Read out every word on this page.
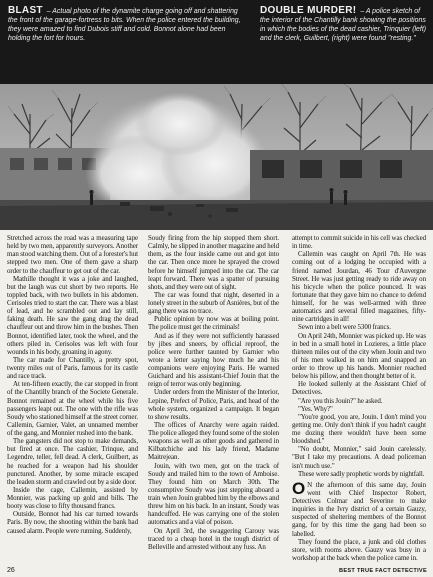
BLAST – Actual photo of the dynamite charge going off and shattering the front of the garage-fortress to bits. When the police entered the building, they were amazed to find Dubois stiff and cold. Bonnot alone had been holding the fort for hours.
DOUBLE MURDER! – A police sketch of the interior of the Chantilly bank showing the positions in which the bodies of the dead cashier, Trinquier (left) and the clerk, Guilbert, (right) were found "resting."

Stretched across the road was a measuring tape held by two men, apparently surveyors. Another man stood watching them. Out of a forester's hut stepped two men. One of them gave a sharp order to the chauffeur to get out of the car.

Mathille thought it was a joke and laughed, but the laugh was cut short by two reports. He toppled back, with two bullets in his abdomen. Cerisoles tried to start the car. There was a blast of lead, and he scrambled out and lay still, faking death. He saw the gang drag the dead chauffeur out and throw him in the bushes. Then Bonnot, identified later, took the wheel, and the others piled in. Cerisoles was left with four wounds in his body, groaning in agony.

The car made for Chantilly, a pretty spot, twenty miles out of Paris, famous for its castle and race track.

At ten-fifteen exactly, the car stopped in front of the Chantilly branch of the Societe Generale. Bonnot remained at the wheel while his five passengers leapt out. The one with the rifle was Soudy who stationed himself at the street corner. Callemin, Garnier, Valet, an unnamed member of the gang, and Monnier rushed into the bank.

The gangsters did not stop to make demands, but fired at once. The cashier, Trinque, and Legendre, teller, fell dead. A clerk, Guilbert, as he reached for a weapon had his shoulder punctured. Another, by some miracle escaped the leaden storm and crawled out by a side door.

Inside the cage, Callemin, assisted by Monnier, was packing up gold and bills. The booty was close to fifty thousand francs.

Outside, Bonnot had his car turned towards Paris. By now, the shooting within the bank had caused alarm. People were running. Suddenly,

Soudy firing from the hip stopped them short. Calmly, he slipped in another magazine and held them, as the four inside came out and got into the car. Then once more he sprayed the crowd before he himself jumped into the car. The car leapt forward. There was a spatter of pursuing shots, and they were out of sight.

The car was found that night, deserted in a lonely street in the suburb of Asnières, but of the gang there was no trace.

Public opinion by now was at boiling point. The police must get the criminals!

And as if they were not sufficiently harassed by jibes and sneers, by official reproof, the police were further taunted by Garnier who wrote a letter saying how much he and his companions were enjoying Paris. He warned Guichard and his assistant-Chief Jouin that the reign of terror was only beginning.

Under orders from the Minister of the Interior, Lepine, Prefect of Police, Paris, and head of the whole system, organized a campaign. It began to show results.

The offices of Anarchy were again raided. The police alleged they found some of the stolen weapons as well as other goods and gathered in Kilbatchiche and his lady friend, Madame Maitrejean.

Jouin, with two men, got on the track of Soudy and trailed him to the town of Amboise. They found him on March 30th. The consumptive Soudy was just stepping aboard a train when Jouin grabbed him by the elbows and threw him on his back. In an instant, Soudy was handcuffed. He was carrying one of the stolen automatics and a vial of poison.

On April 3rd, the swaggering Carouy was traced to a cheap hotel in the tough district of Belleville and arrested without any fuss. An

attempt to commit suicide in his cell was checked in time.

Callemin was caught on April 7th. He was coming out of a lodging he occupied with a friend named Jourdan, 46 Tour d'Auvergne Street. He was just getting ready to ride away on his bicycle when the police pounced. It was fortunate that they gave him no chance to defend himself, for he was well-armed with three automatics and several filled magazines, fifty-nine cartridges in all!

Sewn into a belt were 5300 francs.

On April 24th, Monnier was picked up. He was in bed in a small hotel in Lozieres, a little place thirteen miles out of the city when Jouin and two of his men walked in on him and snapped an order to throw up his hands. Monnier reached below his pillow, and then thought better of it.

He looked sullenly at the Assistant Chief of Detectives.

"Are you this Jouin?" he asked.

"Yes. Why?"

"You're good, you are, Jouin. I don't mind you getting me. Only don't think if you hadn't caught me dozing there wouldn't have been some bloodshed."

"No doubt, Monnier," said Jouin carelessly. "But I take my precautions. A dead policeman isn't much use."

These were sadly prophetic words by nightfall.

O N the afternoon of this same day, Jouin went with Chief Inspector Robert, Detectives Colmar and Severine to make inquiries in the Ivry district of a certain Gauzy, suspected of sheltering members of the Bonnot gang, for by this time the gang had been so labelled.

They found the place, a junk and old clothes store, with rooms above. Gauzy was busy in a workshop at the back when the police came in.

26	BEST TRUE FACT DETECTIVE
